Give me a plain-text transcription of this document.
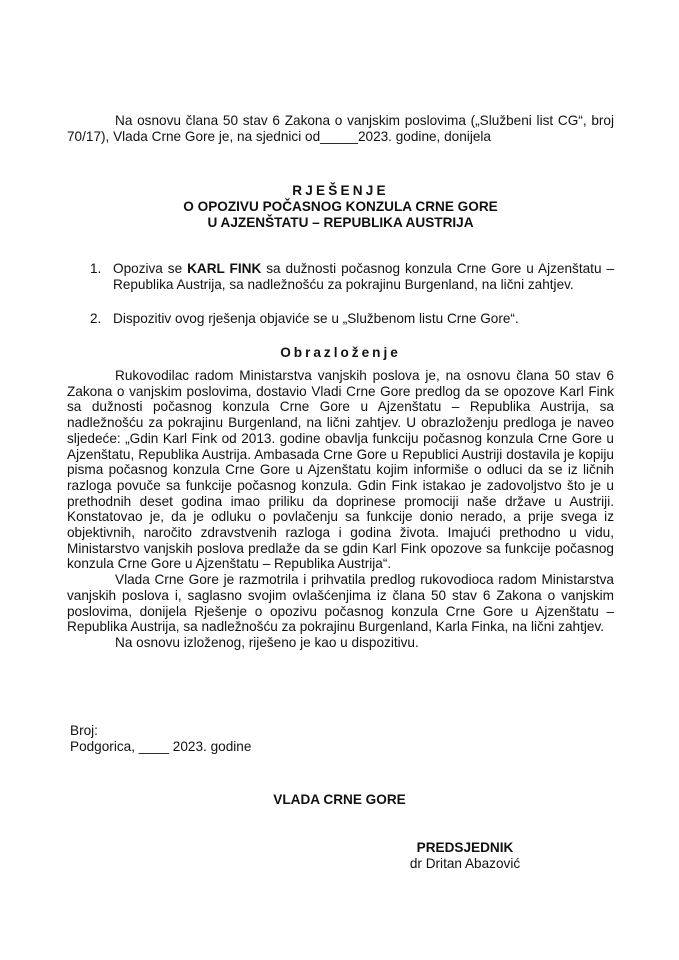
Na osnovu člana 50 stav 6 Zakona o vanjskim poslovima („Službeni list CG“, broj 70/17), Vlada Crne Gore je, na sjednici od_____2023. godine, donijela

RJEŠENJE
O OPOZIVU POČASNOG KONZULA CRNE GORE
U AJZENŠTATU – REPUBLIKA AUSTRIJA
1. Opoziva se KARL FINK sa dužnosti počasnog konzula Crne Gore u Ajzenštatu – Republika Austrija, sa nadležnošću za pokrajinu Burgenland, na lični zahtjev.
2. Dispozitiv ovog rješenja objaviće se u „Službenom listu Crne Gore“.
Obrazloženje

Rukovodilac radom Ministarstva vanjskih poslova je, na osnovu člana 50 stav 6 Zakona o vanjskim poslovima, dostavio Vladi Crne Gore predlog da se opozove Karl Fink sa dužnosti počasnog konzula Crne Gore u Ajzenštatu – Republika Austrija, sa nadležnošću za pokrajinu Burgenland, na lični zahtjev. U obrazloženju predloga je naveo sljedeće: „Gdin Karl Fink od 2013. godine obavlja funkciju počasnog konzula Crne Gore u Ajzenštatu, Republika Austrija. Ambasada Crne Gore u Republici Austriji dostavila je kopiju pisma počasnog konzula Crne Gore u Ajzenštatu kojim informiše o odluci da se iz ličnih razloga povuče sa funkcije počasnog konzula. Gdin Fink istakao je zadovoljstvo što je u prethodnih deset godina imao priliku da doprinese promociji naše države u Austriji. Konstatovao je, da je odluku o povlačenju sa funkcije donio nerado, a prije svega iz objektivnih, naročito zdravstvenih razloga i godina života. Imajući prethodno u vidu, Ministarstvo vanjskih poslova predlaže da se gdin Karl Fink opozove sa funkcije počasnog konzula Crne Gore u Ajzenštatu – Republika Austrija“.

Vlada Crne Gore je razmotrila i prihvatila predlog rukovodioca radom Ministarstva vanjskih poslova i, saglasno svojim ovlašćenjima iz člana 50 stav 6 Zakona o vanjskim poslovima, donijela Rješenje o opozivu počasnog konzula Crne Gore u Ajzenštatu – Republika Austrija, sa nadležnošću za pokrajinu Burgenland, Karla Finka, na lični zahtjev.

Na osnovu izloženog, riješeno je kao u dispozitivu.

Broj:
Podgorica, ____ 2023. godine
VLADA CRNE GORE
PREDSJEDNIK
dr Dritan Abazović
